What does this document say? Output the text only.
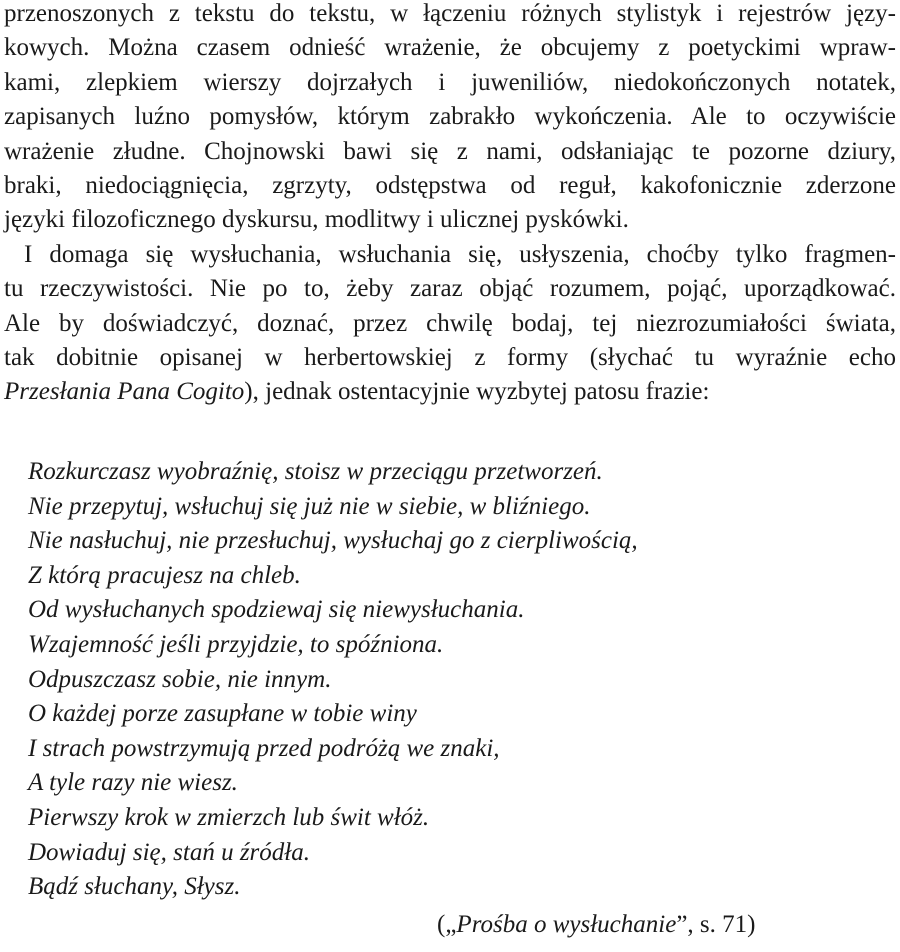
przenoszonych z tekstu do tekstu, w łączeniu różnych stylistyk i rejestrów języ-
kowych. Można czasem odnieść wrażenie, że obcujemy z poetyckimi wpraw-
kami, zlepkiem wierszy dojrzałych i juweniliów, niedokończonych notatek,
zapisanych luźno pomysłów, którym zabrakło wykończenia. Ale to oczywiście
wrażenie złudne. Chojnowski bawi się z nami, odsłaniając te pozorne dziury,
braki, niedociągnięcia, zgrzyty, odstępstwa od reguł, kakofonicznie zderzone
języki filozoficznego dyskursu, modlitwy i ulicznej pyskówki.
I domaga się wysłuchania, wsłuchania się, usłyszenia, choćby tylko fragmen-
tu rzeczywistości. Nie po to, żeby zaraz objąć rozumem, pojąć, uporządkować.
Ale by doświadczyć, doznać, przez chwilę bodaj, tej niezrozumiałości świata,
tak dobitnie opisanej w herbertowskiej z formy (słychać tu wyraźnie echo
Przesłania Pana Cogito), jednak ostentacyjnie wyzbytej patosu frazie:
Rozkurczasz wyobraźnię, stoisz w przeciągu przetworzeń.
Nie przepytuj, wsłuchuj się już nie w siebie, w bliźniego.
Nie nasłuchuj, nie przesłuchuj, wysłuchaj go z cierpliwością,
Z którą pracujesz na chleb.
Od wysłuchanych spodziewaj się niewysłuchania.
Wzajemność jeśli przyjdzie, to spóźniona.
Odpuszczasz sobie, nie innym.
O każdej porze zasupłane w tobie winy
I strach powstrzymują przed podróżą we znaki,
A tyle razy nie wiesz.
Pierwszy krok w zmierzch lub świt włóż.
Dowiaduj się, stań u źródła.
Bądź słuchany, Słysz.
(„Prośba o wysłuchanie”, s. 71)
